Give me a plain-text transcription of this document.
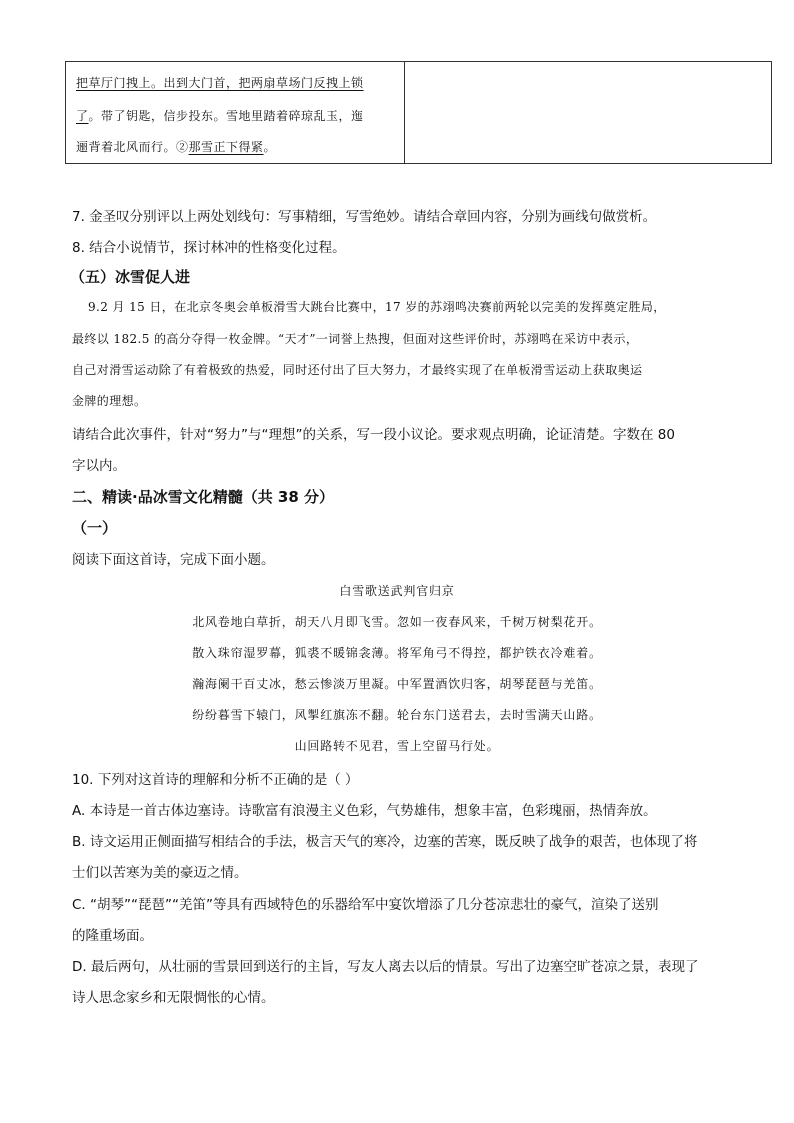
把草厅门拽上。出到大门首，把两扇草场门反拽上锁
了。带了钥匙，信步投东。雪地里踏着碎琼乱玉，迤
逦背着北风而行。②那雪正下得紧。
7. 金圣叹分别评以上两处划线句：写事精细，写雪绝妙。请结合章回内容，分别为画线句做赏析。
8. 结合小说情节，探讨林冲的性格变化过程。
（五）冰雪促人进
9.2 月 15 日，在北京冬奥会单板滑雪大跳台比赛中，17 岁的苏翊鸣决赛前两轮以完美的发挥奠定胜局，
最终以 182.5 的高分夺得一枚金牌。“天才”一词誉上热搜，但面对这些评价时，苏翊鸣在采访中表示，
自己对滑雪运动除了有着极致的热爱，同时还付出了巨大努力，才最终实现了在单板滑雪运动上获取奥运
金牌的理想。
请结合此次事件，针对“努力”与“理想”的关系，写一段小议论。要求观点明确，论证清楚。字数在 80
字以内。
二、精读·品冰雪文化精髓（共 38 分）
（一）
阅读下面这首诗，完成下面小题。
白雪歌送武判官归京
北风卷地白草折，胡天八月即飞雪。忽如一夜春风来，千树万树梨花开。
散入珠帘湿罗幕，狐裘不暖锦衾薄。将军角弓不得控，都护铁衣冷难着。
瀚海阑干百丈冰，愁云惨淡万里凝。中军置酒饮归客，胡琴琵琶与羌笛。
纷纷暮雪下辕门，风掣红旗冻不翻。轮台东门送君去，去时雪满天山路。
山回路转不见君，雪上空留马行处。
10. 下列对这首诗的理解和分析不正确的是（ ）
A. 本诗是一首古体边塞诗。诗歌富有浪漫主义色彩，气势雄伟，想象丰富，色彩瑰丽，热情奔放。
B. 诗文运用正侧面描写相结合的手法，极言天气的寒冷，边塞的苦寒，既反映了战争的艰苦，也体现了将
士们以苦寒为美的豪迈之情。
C. “胡琴”“琵琶”“羌笛”等具有西域特色的乐器给军中宴饮增添了几分苍凉悲壮的豪气，渲染了送别
的隆重场面。
D. 最后两句，从壮丽的雪景回到送行的主旨，写友人离去以后的情景。写出了边塞空旷苍凉之景，表现了
诗人思念家乡和无限惆怅的心情。
